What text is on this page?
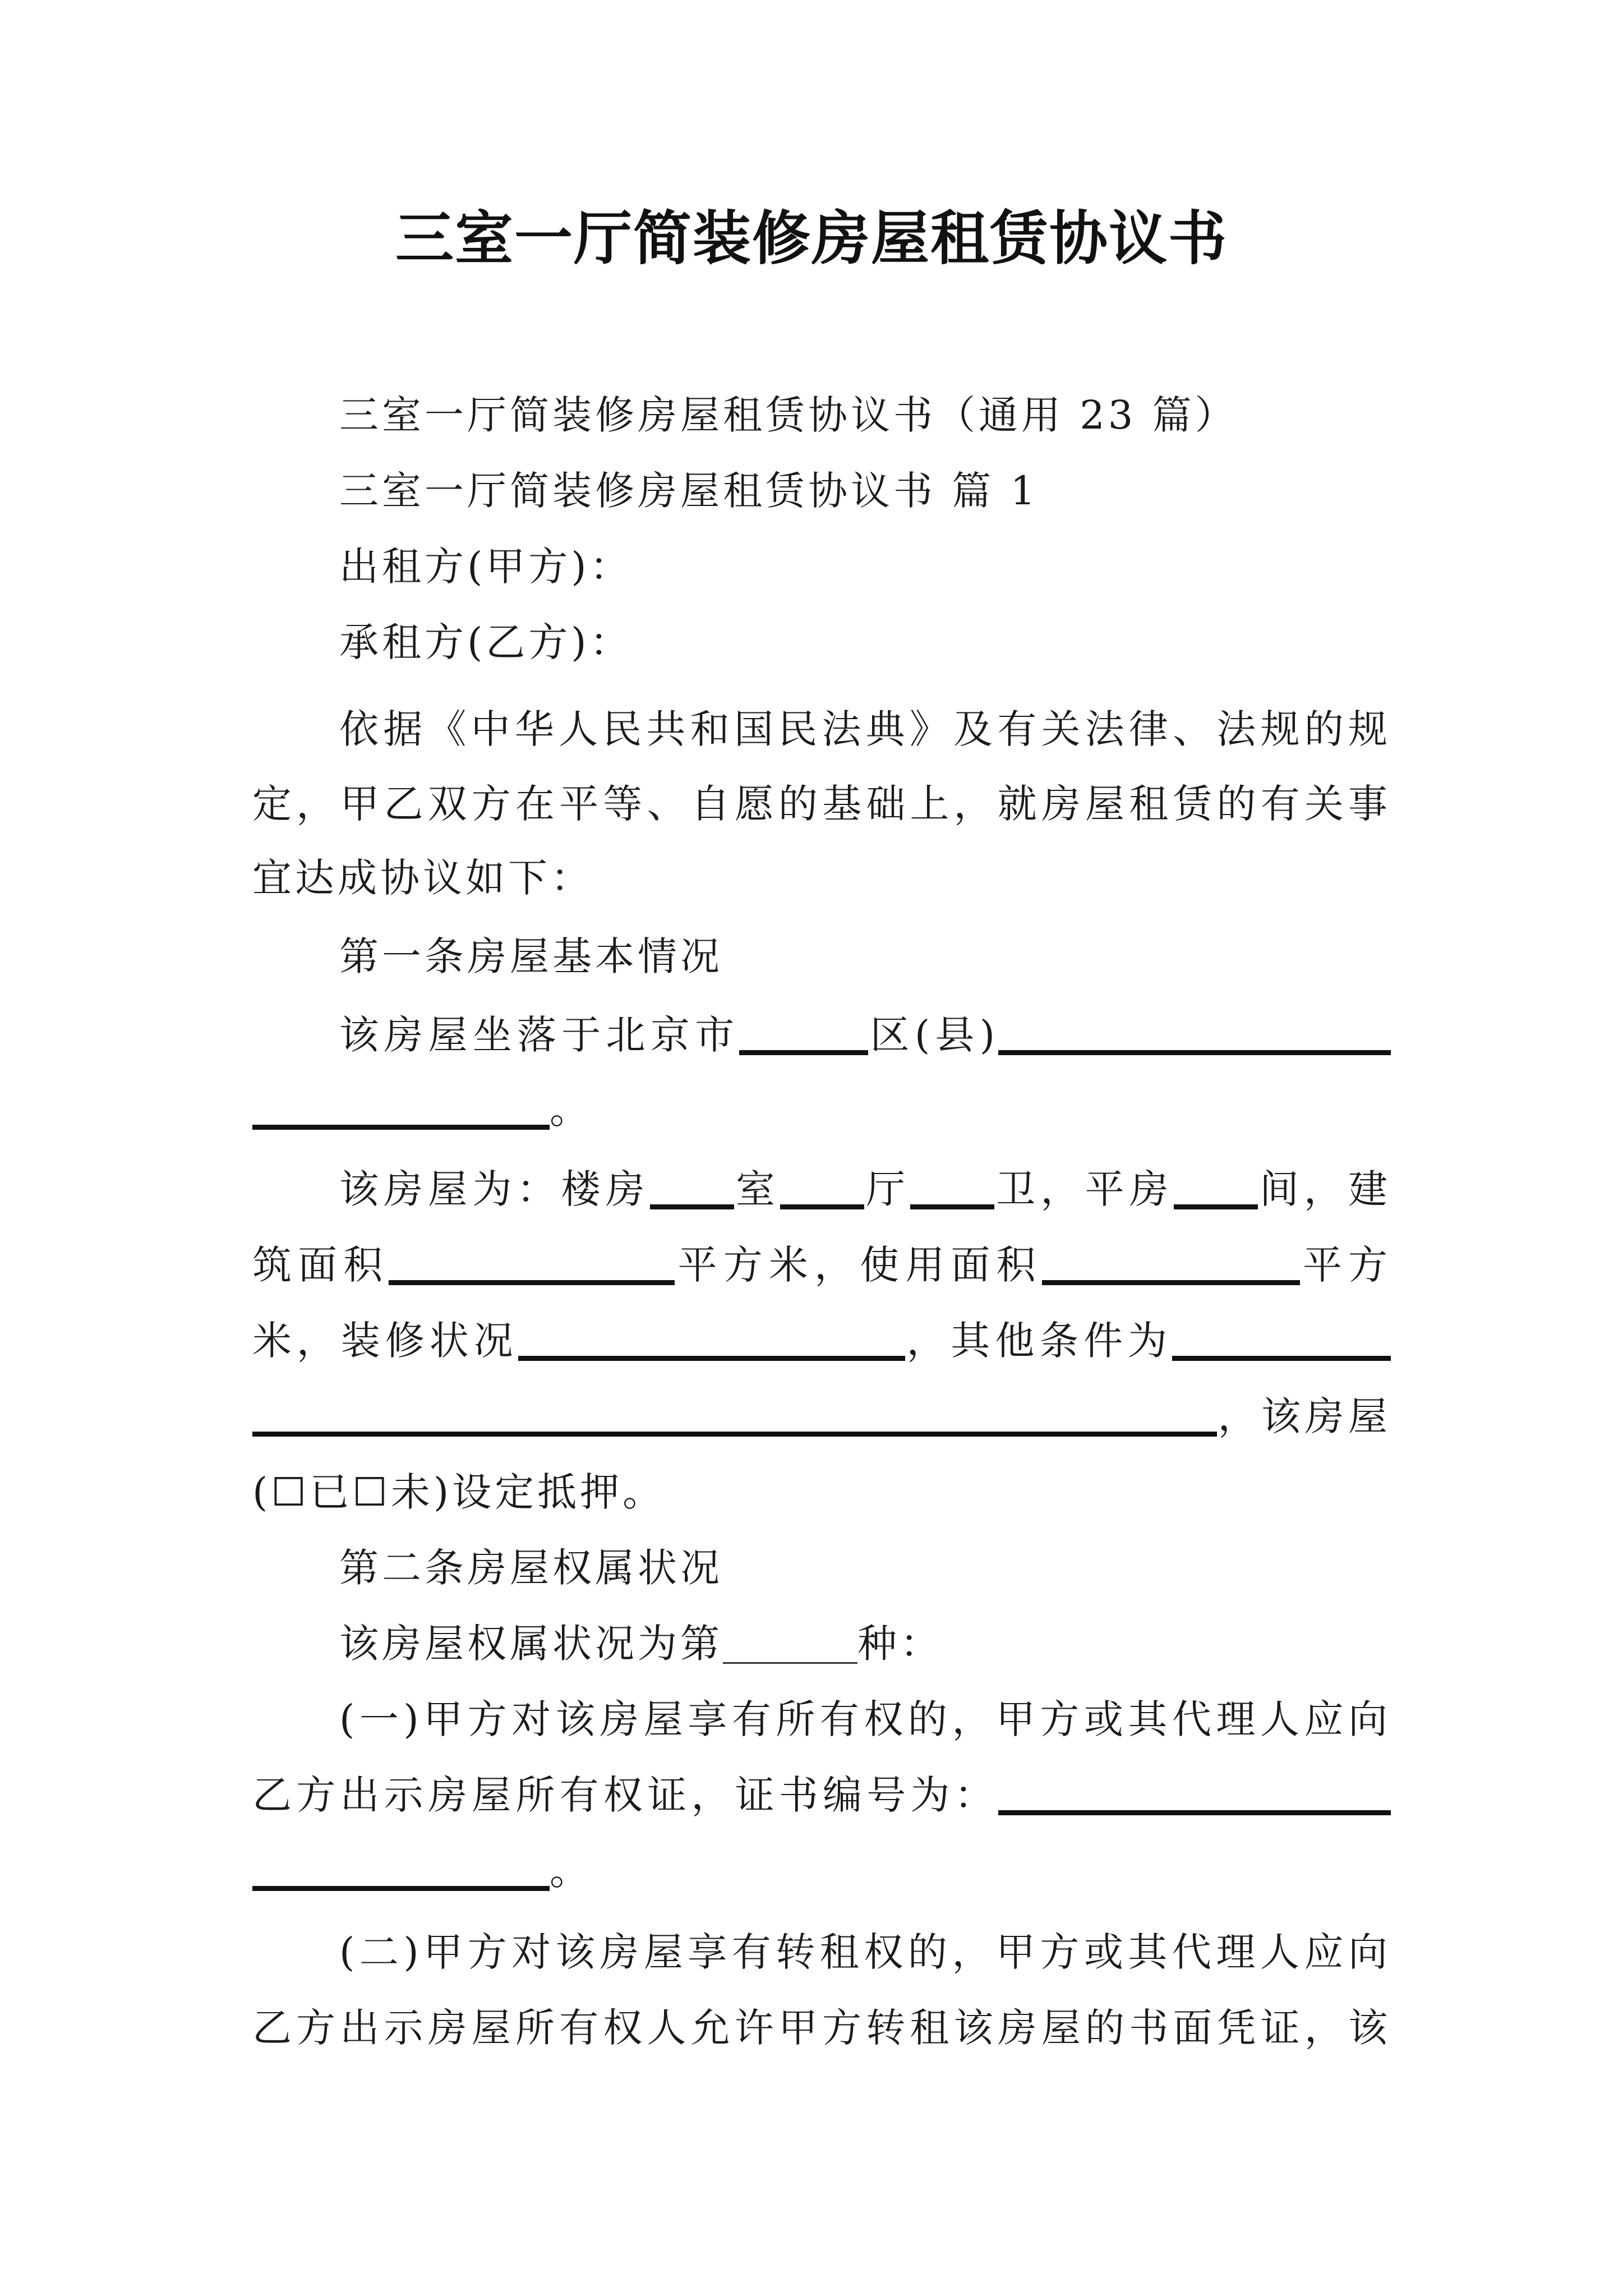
三室一厅简装修房屋租赁协议书
三室一厅简装修房屋租赁协议书（通用 23 篇）
三室一厅简装修房屋租赁协议书 篇 1
出租方(甲方)：
承租方(乙方)：
依据《中华人民共和国民法典》及有关法律、法规的规
定，甲乙双方在平等、自愿的基础上，就房屋租赁的有关事
宜达成协议如下：
第一条房屋基本情况
该房屋坐落于北京市	区(县)
。
该房屋为：楼房 室 厅 卫，平房 间，建
筑面积	平方米，使用面积	平方
米，装修状况	，其他条件为
，该房屋
(☐已☐未)设定抵押。
第二条房屋权属状况
该房屋权属状况为第	种：
(一)甲方对该房屋享有所有权的，甲方或其代理人应向
乙方出示房屋所有权证，证书编号为：
。
(二)甲方对该房屋享有转租权的，甲方或其代理人应向
乙方出示房屋所有权人允许甲方转租该房屋的书面凭证，该
